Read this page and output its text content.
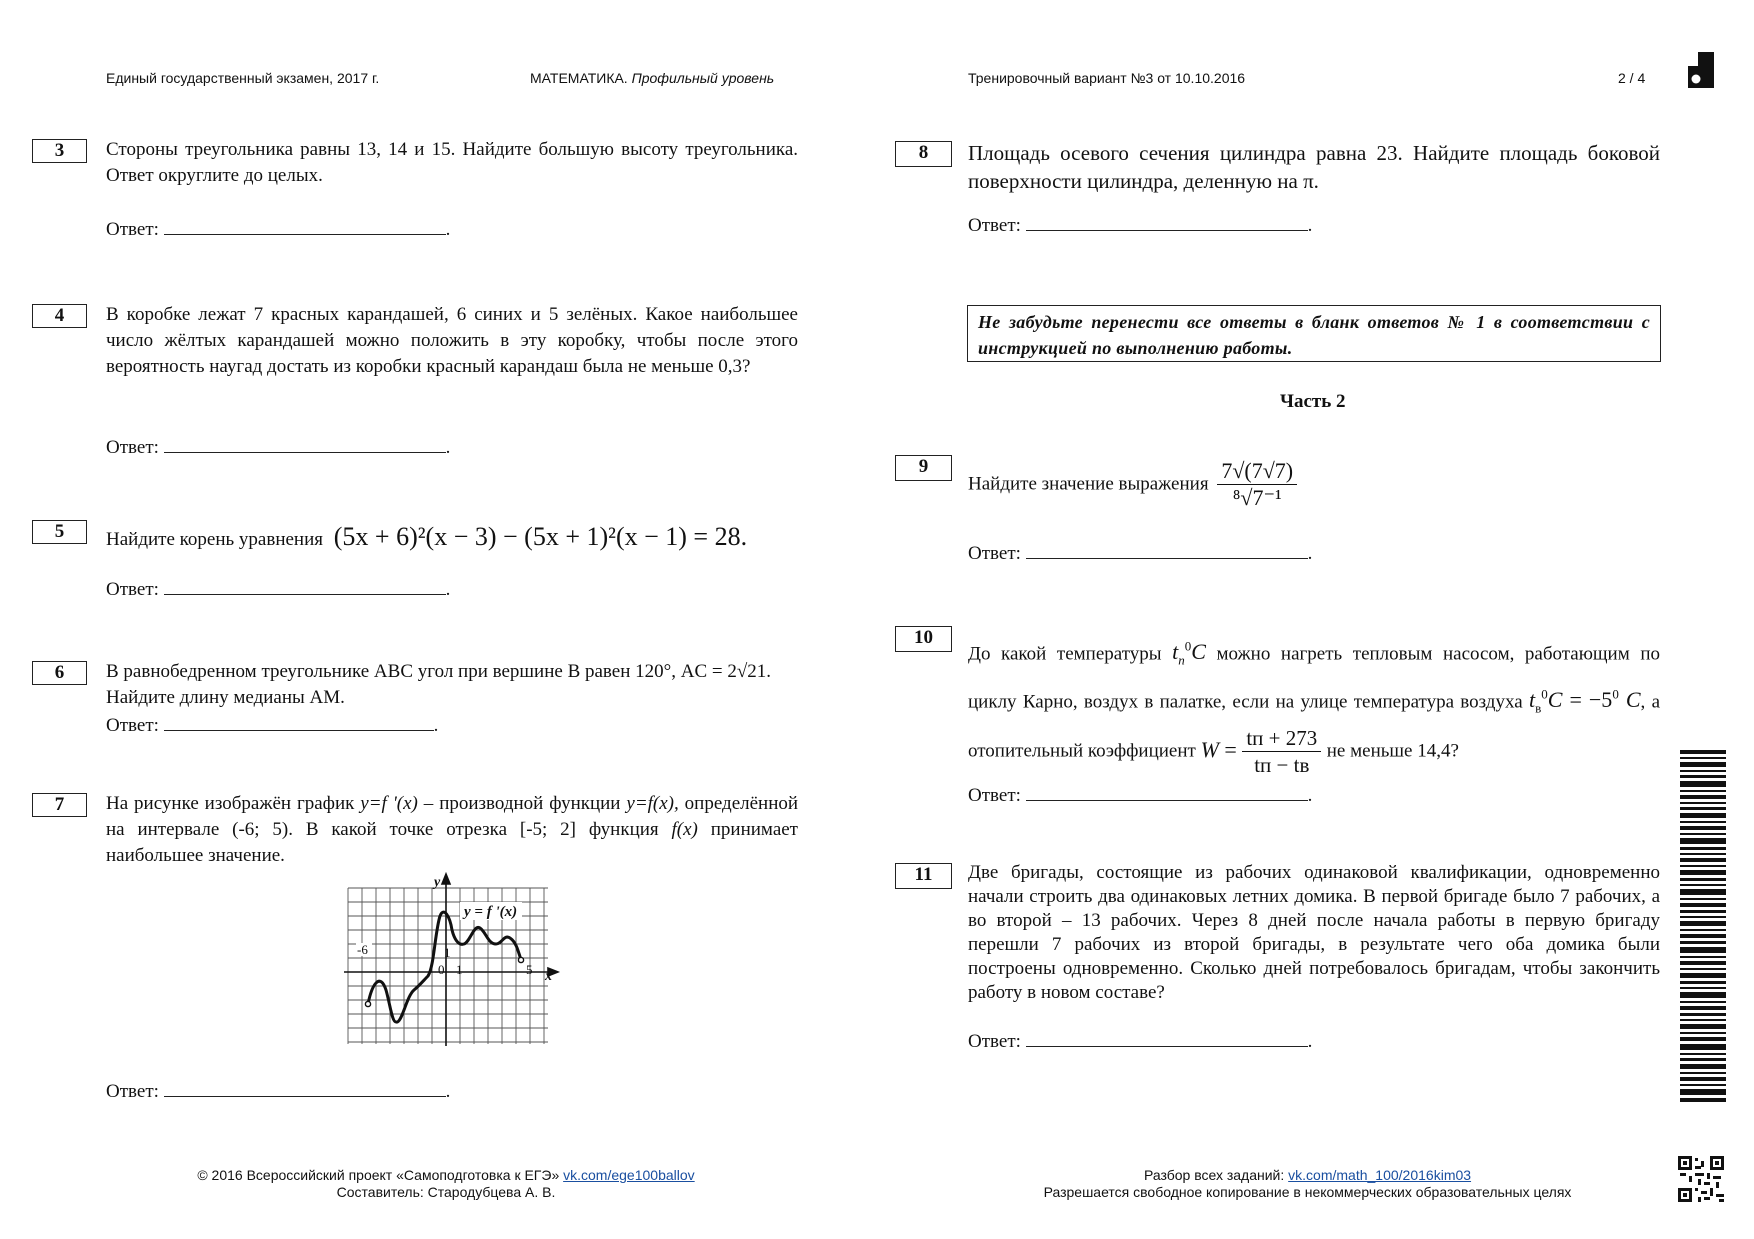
Единый государственный экзамен, 2017 г.	МАТЕМАТИКА. Профильный уровень	Тренировочный вариант №3 от 10.10.2016	2 / 4
3	Стороны треугольника равны 13, 14 и 15. Найдите большую высоту треугольника. Ответ округлите до целых.
Ответ:	.
4	В коробке лежат 7 красных карандашей, 6 синих и 5 зелёных. Какое наибольшее число жёлтых карандашей можно положить в эту коробку, чтобы после этого вероятность наугад достать из коробки красный карандаш была не меньше 0,3?
Ответ:	.
5	Найдите корень уравнения (5x + 6)²(x − 3) − (5x + 1)²(x − 1) = 28.
Ответ:	.
6	В равнобедренном треугольнике ABC угол при вершине B равен 120°, AC = 2√21. Найдите длину медианы AM.
Ответ:	.
7	На рисунке изображён график y=f '(x) – производной функции y=f(x), определённой на интервале (-6; 5). В какой точке отрезка [-5; 2] функция f(x) принимает наибольшее значение.
y = f '(x)
y
x
-6
0 1	5
1
Ответ:	.
8	Площадь осевого сечения цилиндра равна 23. Найдите площадь боковой поверхности цилиндра, деленную на π.
Ответ:	.
Не забудьте перенести все ответы в бланк ответов № 1 в соответствии с инструкцией по выполнению работы.
Часть 2
9
Найдите значение выражения $\frac{7√(7√7)}{\text{⁸√7⁻¹}}$
Ответ:	.
10
До какой температуры $t_п^0C$ можно нагреть тепловым насосом, работающим по циклу Карно, воздух в палатке, если на улице температура воздуха $t_в^0C = -5^0$ C, а отопительный коэффициент $W = \frac{tп + 273}{tп - tв}$ не меньше 14,4?
Ответ:	.
11	Две бригады, состоящие из рабочих одинаковой квалификации, одновременно начали строить два одинаковых летних домика. В первой бригаде было 7 рабочих, а во второй – 13 рабочих. Через 8 дней после начала работы в первую бригаду перешли 7 рабочих из второй бригады, в результате чего оба домика были построены одновременно. Сколько дней потребовалось бригадам, чтобы закончить работу в новом составе?
Ответ:	.
© 2016 Всероссийский проект «Самоподготовка к ЕГЭ» vk.com/ege100ballov
Составитель: Стародубцева А. В.
Разбор всех заданий: vk.com/math_100/2016kim03
Разрешается свободное копирование в некоммерческих образовательных целях
